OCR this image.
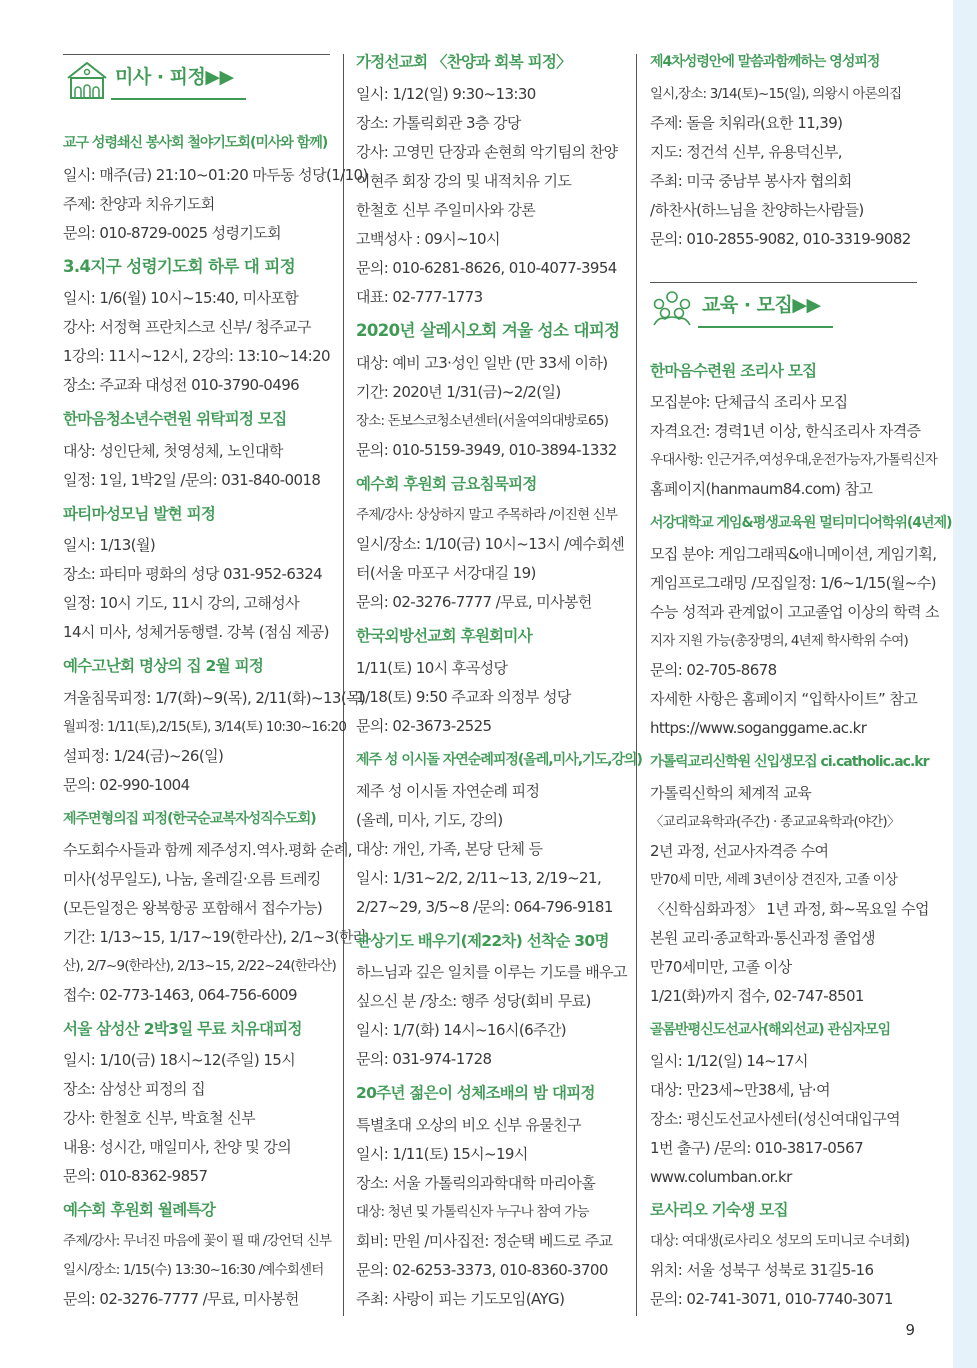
미사 · 피정▶▶
교구 성령쇄신 봉사회 철야기도회(미사와 함께)
일시: 매주(금) 21:10~01:20 마두동 성당(1/10)
주제: 찬양과 치유기도회
문의: 010-8729-0025 성령기도회
3.4지구 성령기도회 하루 대 피정
일시: 1/6(월) 10시~15:40, 미사포함
강사: 서정혁 프란치스코 신부/ 청주교구
1강의: 11시~12시, 2강의: 13:10~14:20
장소: 주교좌 대성전 010-3790-0496
한마음청소년수련원 위탁피정 모집
대상: 성인단체, 첫영성체, 노인대학
일정: 1일, 1박2일 /문의: 031-840-0018
파티마성모님 발현 피정
일시: 1/13(월)
장소: 파티마 평화의 성당 031-952-6324
일정: 10시 기도, 11시 강의, 고해성사
14시 미사, 성체거동행렬. 강복 (점심 제공)
예수고난회 명상의 집 2월 피정
겨울침묵피정: 1/7(화)~9(목), 2/11(화)~13(목)
월피정: 1/11(토),2/15(토), 3/14(토) 10:30~16:20
설피정: 1/24(금)~26(일)
문의: 02-990-1004
제주면형의집 피정(한국순교복자성직수도회)
수도회수사들과 함께 제주성지.역사.평화 순례,
미사(성무일도), 나눔, 올레길·오름 트레킹
(모든일정은 왕복항공 포함해서 접수가능)
기간: 1/13~15, 1/17~19(한라산), 2/1~3(한라
산), 2/7~9(한라산), 2/13~15, 2/22~24(한라산)
접수: 02-773-1463, 064-756-6009
서울 삼성산 2박3일 무료 치유대피정
일시: 1/10(금) 18시~12(주일) 15시
장소: 삼성산 피정의 집
강사: 한철호 신부, 박효철 신부
내용: 성시간, 매일미사, 찬양 및 강의
문의: 010-8362-9857
예수회 후원회 월례특강
주제/강사: 무너진 마음에 꽃이 필 때 /강언덕 신부
일시/장소: 1/15(수) 13:30~16:30 /예수회센터
문의: 02-3276-7777 /무료, 미사봉헌
가정선교회 〈찬양과 회복 피정〉
일시: 1/12(일) 9:30~13:30
장소: 가톨릭회관 3층 강당
강사: 고영민 단장과 손현희 악기팀의 찬양
이현주 회장 강의 및 내적치유 기도
한철호 신부 주일미사와 강론
고백성사 : 09시~10시
문의: 010-6281-8626, 010-4077-3954
대표: 02-777-1773
2020년 살레시오회 겨울 성소 대피정
대상: 예비 고3·성인 일반 (만 33세 이하)
기간: 2020년 1/31(금)~2/2(일)
장소: 돈보스코청소년센터(서울여의대방로65)
문의: 010-5159-3949, 010-3894-1332
예수회 후원회 금요침묵피정
주제/강사: 상상하지 말고 주목하라 /이진현 신부
일시/장소: 1/10(금) 10시~13시 /예수회센
터(서울 마포구 서강대길 19)
문의: 02-3276-7777 /무료, 미사봉헌
한국외방선교회 후원회미사
1/11(토) 10시 후곡성당
1/18(토) 9:50 주교좌 의정부 성당
문의: 02-3673-2525
제주 성 이시돌 자연순례피정(올레,미사,기도,강의)
제주 성 이시돌 자연순례 피정
(올레, 미사, 기도, 강의)
대상: 개인, 가족, 본당 단체 등
일시: 1/31~2/2, 2/11~13, 2/19~21,
2/27~29, 3/5~8 /문의: 064-796-9181
관상기도 배우기(제22차) 선착순 30명
하느님과 깊은 일치를 이루는 기도를 배우고
싶으신 분 /장소: 행주 성당(회비 무료)
일시: 1/7(화) 14시~16시(6주간)
문의: 031-974-1728
20주년 젊은이 성체조배의 밤 대피정
특별초대 오상의 비오 신부 유물친구
일시: 1/11(토) 15시~19시
장소: 서울 가톨릭의과학대학 마리아홀
대상: 청년 및 가톨릭신자 누구나 참여 가능
회비: 만원 /미사집전: 정순택 베드로 주교
문의: 02-6253-3373, 010-8360-3700
주최: 사랑이 피는 기도모임(AYG)
제4차성령안에 말씀과함께하는 영성피정
일시,장소: 3/14(토)~15(일), 의왕시 아론의집
주제: 돌을 치워라(요한 11,39)
지도: 정건석 신부, 유용덕신부,
주최: 미국 중남부 봉사자 협의회
/하찬사(하느님을 찬양하는사람들)
문의: 010-2855-9082, 010-3319-9082
교육 · 모집▶▶
한마음수련원 조리사 모집
모집분야: 단체급식 조리사 모집
자격요건: 경력1년 이상, 한식조리사 자격증
우대사항: 인근거주,여성우대,운전가능자,가톨릭신자
홈페이지(hanmaum84.com) 참고
서강대학교 게임&평생교육원 멀티미디어학위(4년제)
모집 분야: 게임그래픽&애니메이션, 게임기획,
게임프로그래밍 /모집일정: 1/6~1/15(월~수)
수능 성적과 관계없이 고교졸업 이상의 학력 소
지자 지원 가능(총장명의, 4년제 학사학위 수여)
문의: 02-705-8678
자세한 사항은 홈페이지 “입학사이트” 참고
https://www.soganggame.ac.kr
가톨릭교리신학원 신입생모집 ci.catholic.ac.kr
가톨릭신학의 체계적 교육
〈교리교육학과(주간) · 종교교육학과(야간)〉
2년 과정, 선교사자격증 수여
만70세 미만, 세례 3년이상 견진자, 고졸 이상
〈신학심화과정〉 1년 과정, 화~목요일 수업
본원 교리·종교학과·통신과정 졸업생
만70세미만, 고졸 이상
1/21(화)까지 접수, 02-747-8501
골롬반평신도선교사(해외선교) 관심자모임
일시: 1/12(일) 14~17시
대상: 만23세~만38세, 남·여
장소: 평신도선교사센터(성신여대입구역
1번 출구) /문의: 010-3817-0567
www.columban.or.kr
로사리오 기숙생 모집
대상: 여대생(로사리오 성모의 도미니코 수녀회)
위치: 서울 성북구 성북로 31길5-16
문의: 02-741-3071, 010-7740-3071
9
